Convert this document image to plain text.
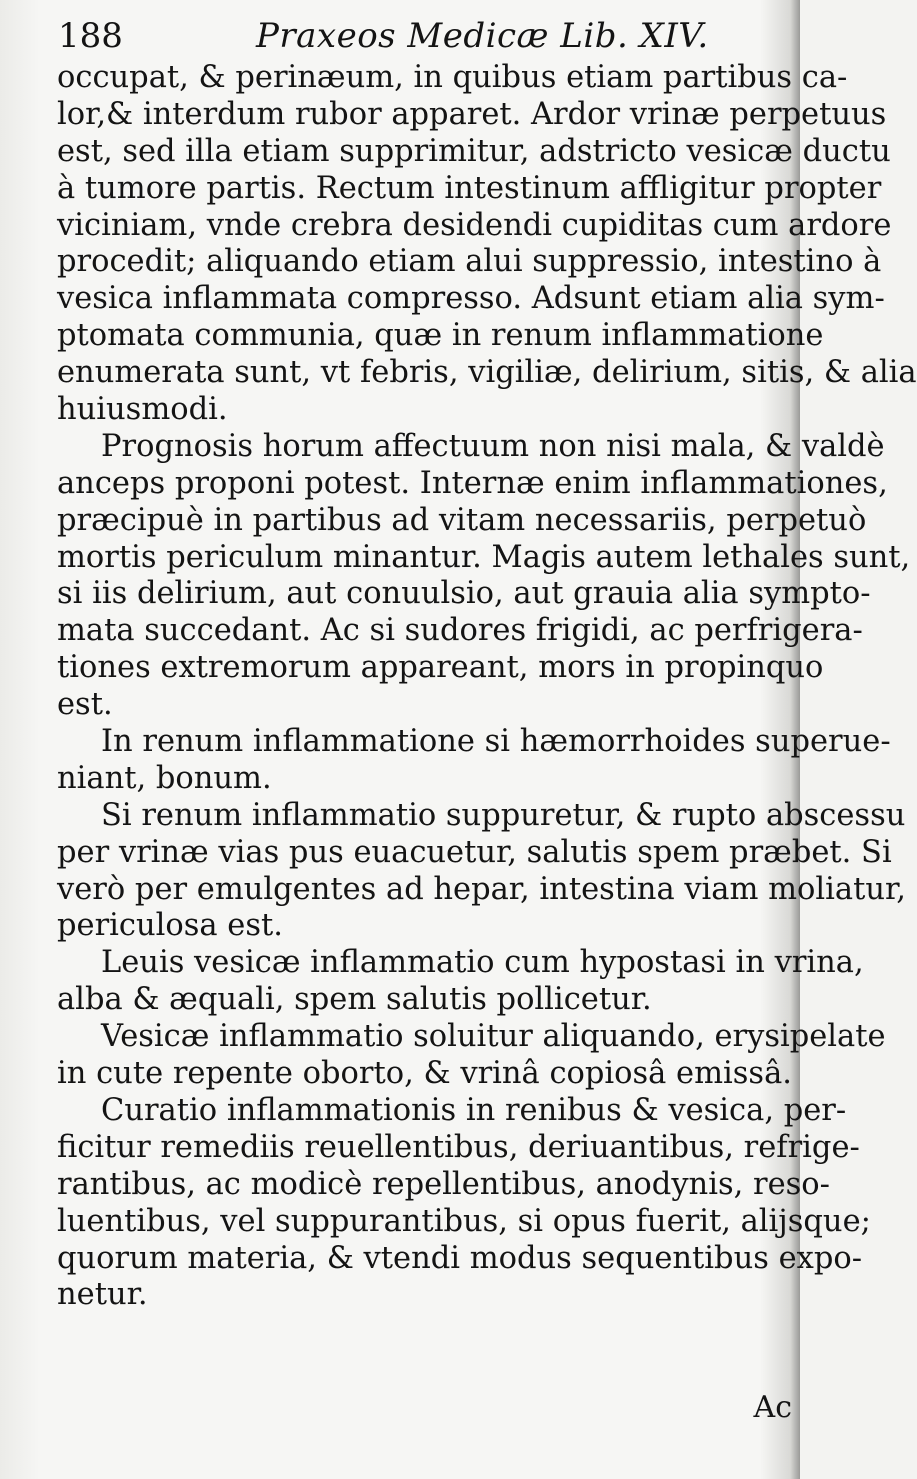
188	Praxeos Medicæ Lib. XIV.
occupat, & perinæum, in quibus etiam partibus ca-
lor,& interdum rubor apparet. Ardor vrinæ perpetuus
est, sed illa etiam supprimitur, adstricto vesicæ ductu
à tumore partis. Rectum intestinum affligitur propter
viciniam, vnde crebra desidendi cupiditas cum ardore
procedit; aliquando etiam alui suppressio, intestino à
vesica inflammata compresso. Adsunt etiam alia sym-
ptomata communia, quæ in renum inflammatione
enumerata sunt, vt febris, vigiliæ, delirium, sitis, & alia
huiusmodi.
Prognosis horum affectuum non nisi mala, & valdè
anceps proponi potest. Internæ enim inflammationes,
præcipuè in partibus ad vitam necessariis, perpetuò
mortis periculum minantur. Magis autem lethales sunt,
si iis delirium, aut conuulsio, aut grauia alia sympto-
mata succedant. Ac si sudores frigidi, ac perfrigera-
tiones extremorum appareant, mors in propinquo
est.
In renum inflammatione si hæmorrhoides superue-
niant, bonum.
Si renum inflammatio suppuretur, & rupto abscessu
per vrinæ vias pus euacuetur, salutis spem præbet. Si
verò per emulgentes ad hepar, intestina viam moliatur,
periculosa est.
Leuis vesicæ inflammatio cum hypostasi in vrina,
alba & æquali, spem salutis pollicetur.
Vesicæ inflammatio soluitur aliquando, erysipelate
in cute repente oborto, & vrinâ copiosâ emissâ.
Curatio inflammationis in renibus & vesica, per-
ficitur remediis reuellentibus, deriuantibus, refrige-
rantibus, ac modicè repellentibus, anodynis, reso-
luentibus, vel suppurantibus, si opus fuerit, alijsque;
quorum materia, & vtendi modus sequentibus expo-
netur.
Ac
